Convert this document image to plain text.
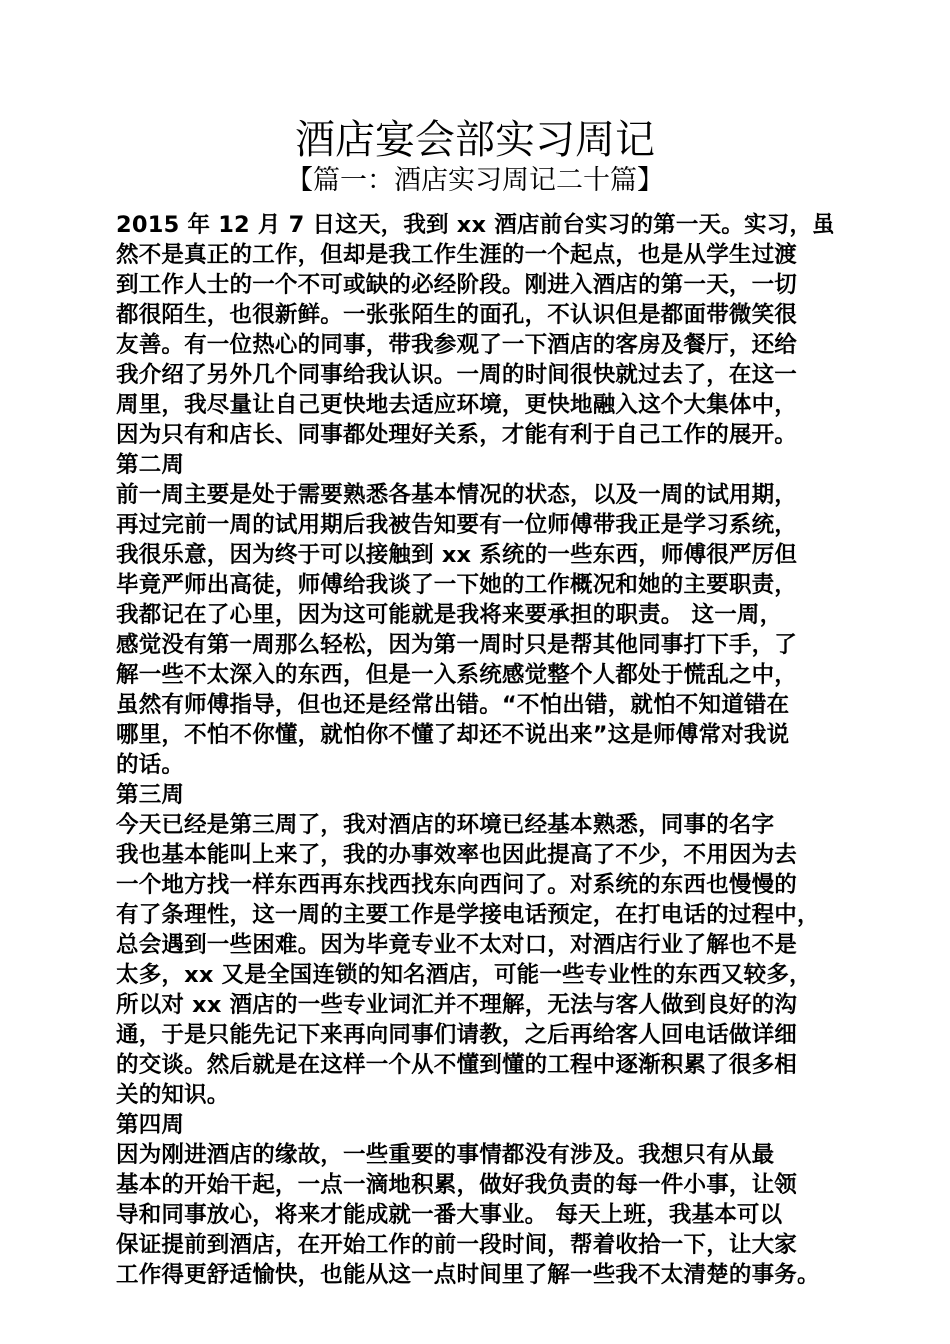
酒店宴会部实习周记
【篇一：酒店实习周记二十篇】
2015 年 12 月 7 日这天，我到 xx 酒店前台实习的第一天。实习，虽
然不是真正的工作，但却是我工作生涯的一个起点，也是从学生过渡
到工作人士的一个不可或缺的必经阶段。刚进入酒店的第一天，一切
都很陌生，也很新鲜。一张张陌生的面孔，不认识但是都面带微笑很
友善。有一位热心的同事，带我参观了一下酒店的客房及餐厅，还给
我介绍了另外几个同事给我认识。一周的时间很快就过去了，在这一
周里，我尽量让自己更快地去适应环境，更快地融入这个大集体中，
因为只有和店长、同事都处理好关系，才能有利于自己工作的展开。
第二周
前一周主要是处于需要熟悉各基本情况的状态，以及一周的试用期，
再过完前一周的试用期后我被告知要有一位师傅带我正是学习系统，
我很乐意，因为终于可以接触到 xx 系统的一些东西，师傅很严厉但
毕竟严师出高徒，师傅给我谈了一下她的工作概况和她的主要职责，
我都记在了心里，因为这可能就是我将来要承担的职责。 这一周，
感觉没有第一周那么轻松，因为第一周时只是帮其他同事打下手，了
解一些不太深入的东西，但是一入系统感觉整个人都处于慌乱之中，
虽然有师傅指导，但也还是经常出错。“不怕出错，就怕不知道错在
哪里，不怕不你懂，就怕你不懂了却还不说出来”这是师傅常对我说
的话。
第三周
今天已经是第三周了，我对酒店的环境已经基本熟悉，同事的名字
我也基本能叫上来了，我的办事效率也因此提高了不少，不用因为去
一个地方找一样东西再东找西找东向西问了。对系统的东西也慢慢的
有了条理性，这一周的主要工作是学接电话预定，在打电话的过程中，
总会遇到一些困难。因为毕竟专业不太对口，对酒店行业了解也不是
太多，xx 又是全国连锁的知名酒店，可能一些专业性的东西又较多，
所以对 xx 酒店的一些专业词汇并不理解，无法与客人做到良好的沟
通，于是只能先记下来再向同事们请教，之后再给客人回电话做详细
的交谈。然后就是在这样一个从不懂到懂的工程中逐渐积累了很多相
关的知识。
第四周
因为刚进酒店的缘故，一些重要的事情都没有涉及。我想只有从最
基本的开始干起，一点一滴地积累，做好我负责的每一件小事，让领
导和同事放心，将来才能成就一番大事业。 每天上班，我基本可以
保证提前到酒店，在开始工作的前一段时间，帮着收拾一下，让大家
工作得更舒适愉快，也能从这一点时间里了解一些我不太清楚的事务。
